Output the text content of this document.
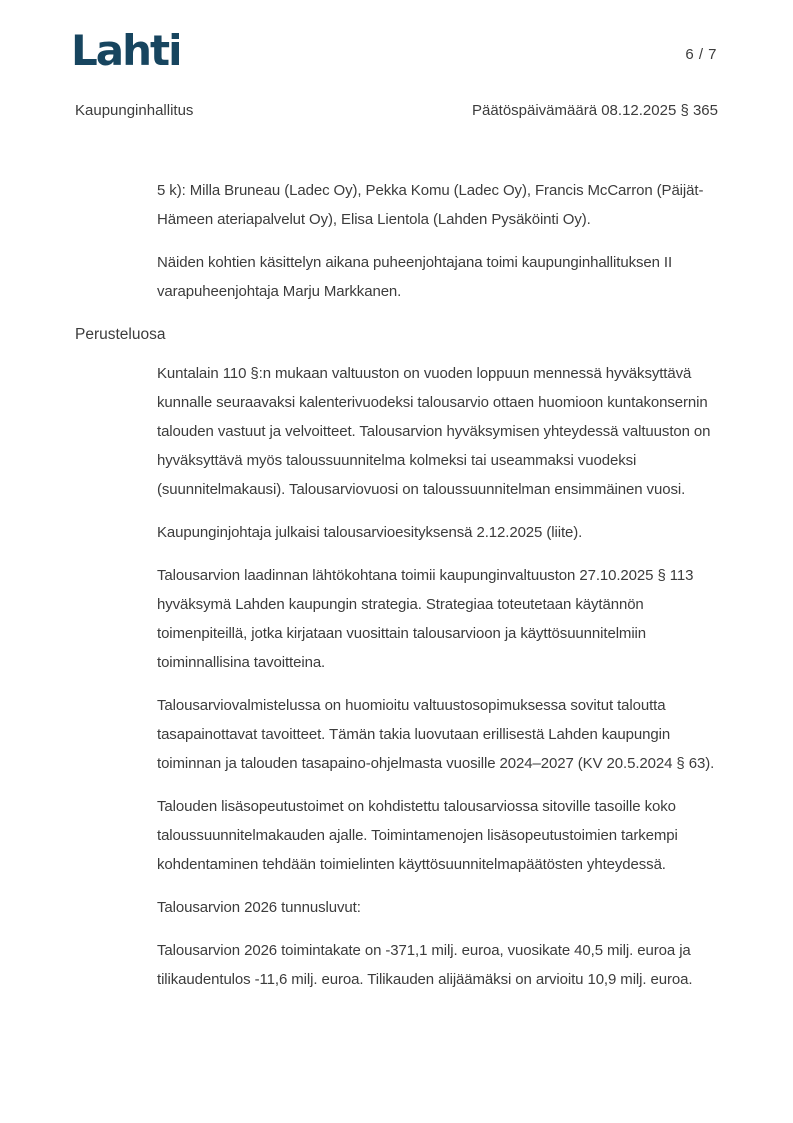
Lahti	6 / 7
Kaupunginhallitus	Päätöspäivämäärä 08.12.2025 § 365

5 k): Milla Bruneau (Ladec Oy), Pekka Komu (Ladec Oy), Francis McCarron (Päijät-Hämeen ateriapalvelut Oy), Elisa Lientola (Lahden Pysäköinti Oy).

Näiden kohtien käsittelyn aikana puheenjohtajana toimi kaupunginhallituksen II varapuheenjohtaja Marju Markkanen.

Perusteluosa

Kuntalain 110 §:n mukaan valtuuston on vuoden loppuun mennessä hyväksyttävä kunnalle seuraavaksi kalenterivuodeksi talousarvio ottaen huomioon kuntakonsernin talouden vastuut ja velvoitteet. Talousarvion hyväksymisen yhteydessä valtuuston on hyväksyttävä myös taloussuunnitelma kolmeksi tai useammaksi vuodeksi (suunnitelmakausi). Talousarviovuosi on taloussuunnitelman ensimmäinen vuosi.

Kaupunginjohtaja julkaisi talousarvioesityksensä 2.12.2025 (liite).

Talousarvion laadinnan lähtökohtana toimii kaupunginvaltuuston 27.10.2025 § 113 hyväksymä Lahden kaupungin strategia. Strategiaa toteutetaan käytännön toimenpiteillä, jotka kirjataan vuosittain talousarvioon ja käyttösuunnitelmiin toiminnallisina tavoitteina.

Talousarviovalmistelussa on huomioitu valtuustosopimuksessa sovitut taloutta tasapainottavat tavoitteet. Tämän takia luovutaan erillisestä Lahden kaupungin toiminnan ja talouden tasapaino-ohjelmasta vuosille 2024–2027 (KV 20.5.2024 § 63).

Talouden lisäsopeutustoimet on kohdistettu talousarviossa sitoville tasoille koko taloussuunnitelmakauden ajalle. Toimintamenojen lisäsopeutustoimien tarkempi kohdentaminen tehdään toimielinten käyttösuunnitelmapäätösten yhteydessä.

Talousarvion 2026 tunnusluvut:

Talousarvion 2026 toimintakate on -371,1 milj. euroa, vuosikate 40,5 milj. euroa ja tilikaudentulos -11,6 milj. euroa. Tilikauden alijäämäksi on arvioitu 10,9 milj. euroa.
